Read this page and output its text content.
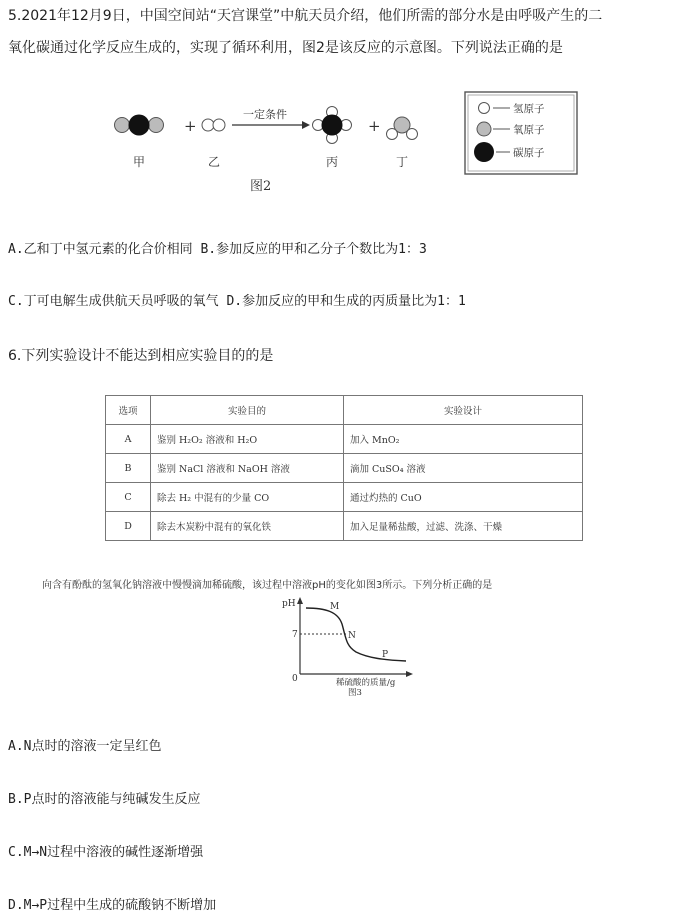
5.2021年12月9日，中国空间站“天宫课堂”中航天员介绍，他们所需的部分水是由呼吸产生的二
氧化碳通过化学反应生成的，实现了循环利用，图2是该反应的示意图。下列说法正确的是
+
一定条件
+
甲	乙	丙	丁
图2
氢原子
氧原子
碳原子
A.乙和丁中氢元素的化合价相同 B.参加反应的甲和乙分子个数比为1：3
C.丁可电解生成供航天员呼吸的氧气 D.参加反应的甲和生成的丙质量比为1：1
6.下列实验设计不能达到相应实验目的的是
选项	实验目的	实验设计
A	鉴别 H₂O₂ 溶液和 H₂O	加入 MnO₂
B	鉴别 NaCl 溶液和 NaOH 溶液	滴加 CuSO₄ 溶液
C	除去 H₂ 中混有的少量 CO	通过灼热的 CuO
D	除去木炭粉中混有的氧化铁	加入足量稀盐酸，过滤、洗涤、干燥
向含有酚酞的氢氧化钠溶液中慢慢滴加稀硫酸，该过程中溶液pH的变化如图3所示。下列分析正确的是
pH
0
7
M
N
P
稀硫酸的质量/g
图3
A.N点时的溶液一定呈红色
B.P点时的溶液能与纯碱发生反应
C.M→N过程中溶液的碱性逐渐增强
D.M→P过程中生成的硫酸钠不断增加
